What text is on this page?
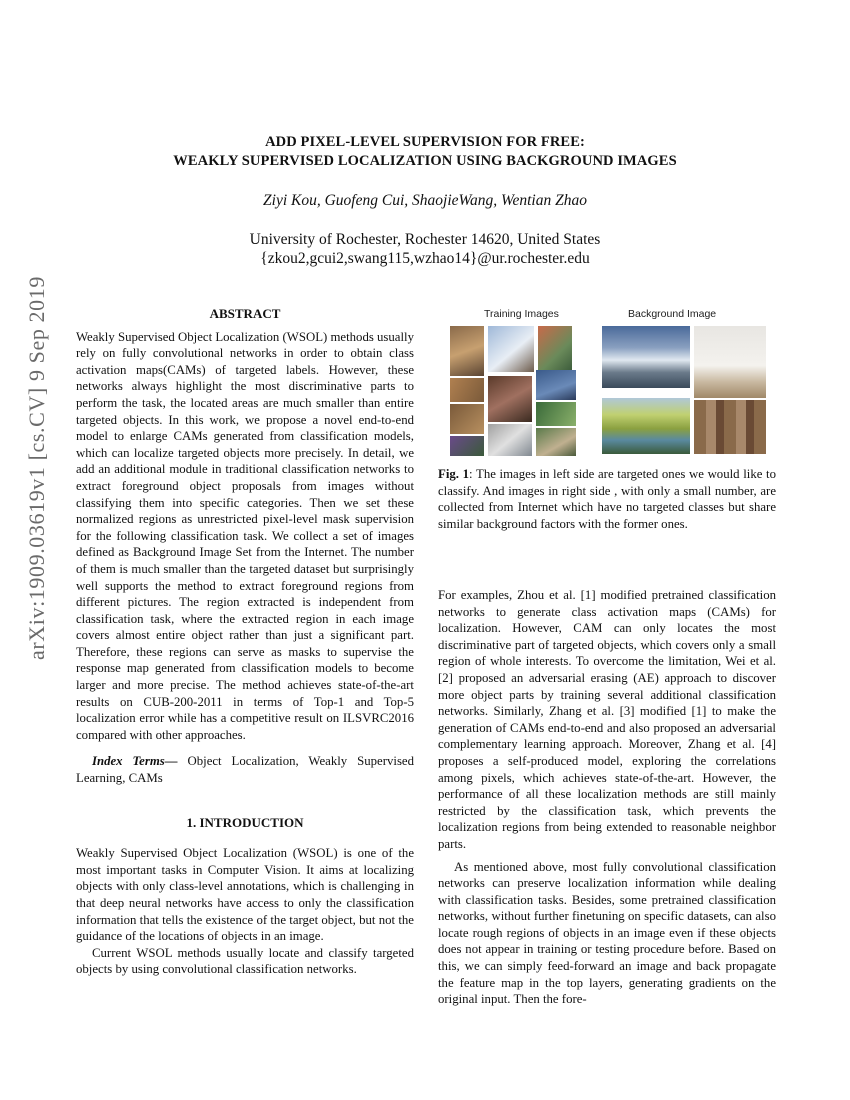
ADD PIXEL-LEVEL SUPERVISION FOR FREE:
WEAKLY SUPERVISED LOCALIZATION USING BACKGROUND IMAGES
Ziyi Kou, Guofeng Cui, ShaojieWang, Wentian Zhao
University of Rochester, Rochester 14620, United States
{zkou2,gcui2,swang115,wzhao14}@ur.rochester.edu
arXiv:1909.03619v1 [cs.CV] 9 Sep 2019	ABSTRACT

Weakly Supervised Object Localization (WSOL) methods usually rely on fully convolutional networks in order to obtain class activation maps(CAMs) of targeted labels. However, these networks always highlight the most discriminative parts to perform the task, the located areas are much smaller than entire targeted objects. In this work, we propose a novel end-to-end model to enlarge CAMs generated from classification models, which can localize targeted objects more precisely. In detail, we add an additional module in traditional classification networks to extract foreground object proposals from images without classifying them into specific categories. Then we set these normalized regions as unrestricted pixel-level mask supervision for the following classification task. We collect a set of images defined as Background Image Set from the Internet. The number of them is much smaller than the targeted dataset but surprisingly well supports the method to extract foreground regions from different pictures. The region extracted is independent from classification task, where the extracted region in each image covers almost entire object rather than just a significant part. Therefore, these regions can serve as masks to supervise the response map generated from classification models to become larger and more precise. The method achieves state-of-the-art results on CUB-200-2011 in terms of Top-1 and Top-5 localization error while has a competitive result on ILSVRC2016 compared with other approaches.

Index Terms— Object Localization, Weakly Supervised Learning, CAMs

1. INTRODUCTION

Weakly Supervised Object Localization (WSOL) is one of the most important tasks in Computer Vision. It aims at localizing objects with only class-level annotations, which is challenging in that deep neural networks have access to only the classification information that tells the existence of the target object, but not the guidance of the locations of objects in an image.

Current WSOL methods usually locate and classify targeted objects by using convolutional classification networks.

Training Images	Background Image
Fig. 1: The images in left side are targeted ones we would like to classify. And images in right side , with only a small number, are collected from Internet which have no targeted classes but share similar background factors with the former ones.

For examples, Zhou et al. [1] modified pretrained classification networks to generate class activation maps (CAMs) for localization. However, CAM can only locates the most discriminative part of targeted objects, which covers only a small region of whole interests. To overcome the limitation, Wei et al. [2] proposed an adversarial erasing (AE) approach to discover more object parts by training several additional classification networks. Similarly, Zhang et al. [3] modified [1] to make the generation of CAMs end-to-end and also proposed an adversarial complementary learning approach. Moreover, Zhang et al. [4] proposes a self-produced model, exploring the correlations among pixels, which achieves state-of-the-art. However, the performance of all these localization methods are still mainly restricted by the classification task, which prevents the localization regions from being extended to reasonable neighbor parts.

As mentioned above, most fully convolutional classification networks can preserve localization information while dealing with classification tasks. Besides, some pretrained classification networks, without further finetuning on specific datasets, can also locate rough regions of objects in an image even if these objects does not appear in training or testing procedure before. Based on this, we can simply feed-forward an image and back propagate the feature map in the top layers, generating gradients on the original input. Then the fore-
